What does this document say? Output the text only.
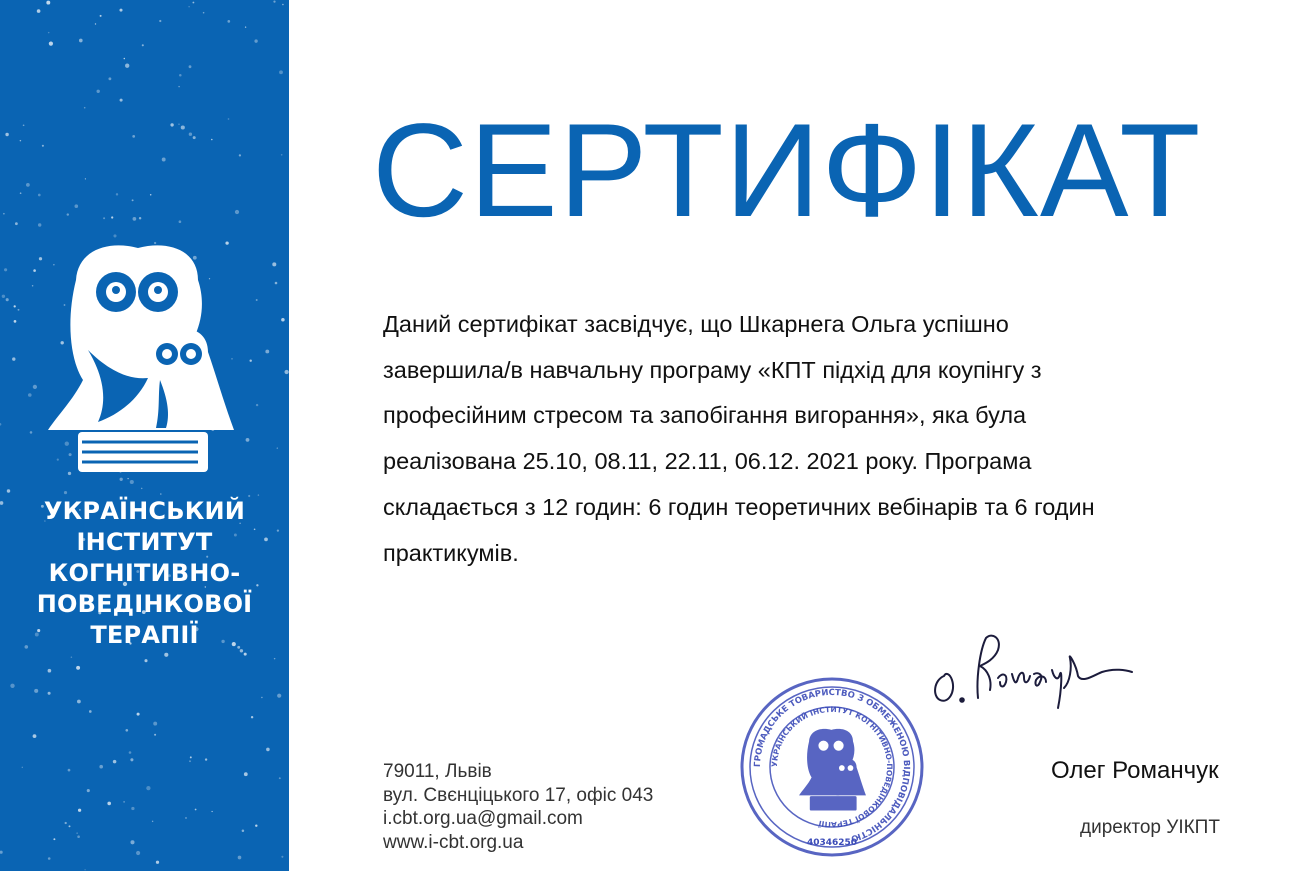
УКРАЇНСЬКИЙ
ІНСТИТУТ
КОГНІТИВНО-
ПОВЕДІНКОВОЇ
ТЕРАПІЇ
СЕРТИФІКАТ
Даний сертифікат засвідчує, що Шкарнега Ольга успішно
завершила/в навчальну програму «КПТ підхід для коупінгу з
професійним стресом та запобігання вигорання», яка була
реалізована 25.10, 08.11, 22.11, 06.12. 2021 року. Програма
складається з 12 годин: 6 годин теоретичних вебінарів та 6 годин
практикумів.
79011, Львів
вул. Свєнціцького 17, офіс 043
i.cbt.org.ua@gmail.com
www.i-cbt.org.ua
ГРОМАДСЬКЕ ТОВАРИСТВО З ОБМЕЖЕНОЮ ВІДПОВІДАЛЬНІСТЮ
УКРАЇНСЬКИЙ ІНСТИТУТ КОГНІТИВНО-ПОВЕДІНКОВОЇ ТЕРАПІЇ
40346250
Олег Романчук
директор УІКПТ
